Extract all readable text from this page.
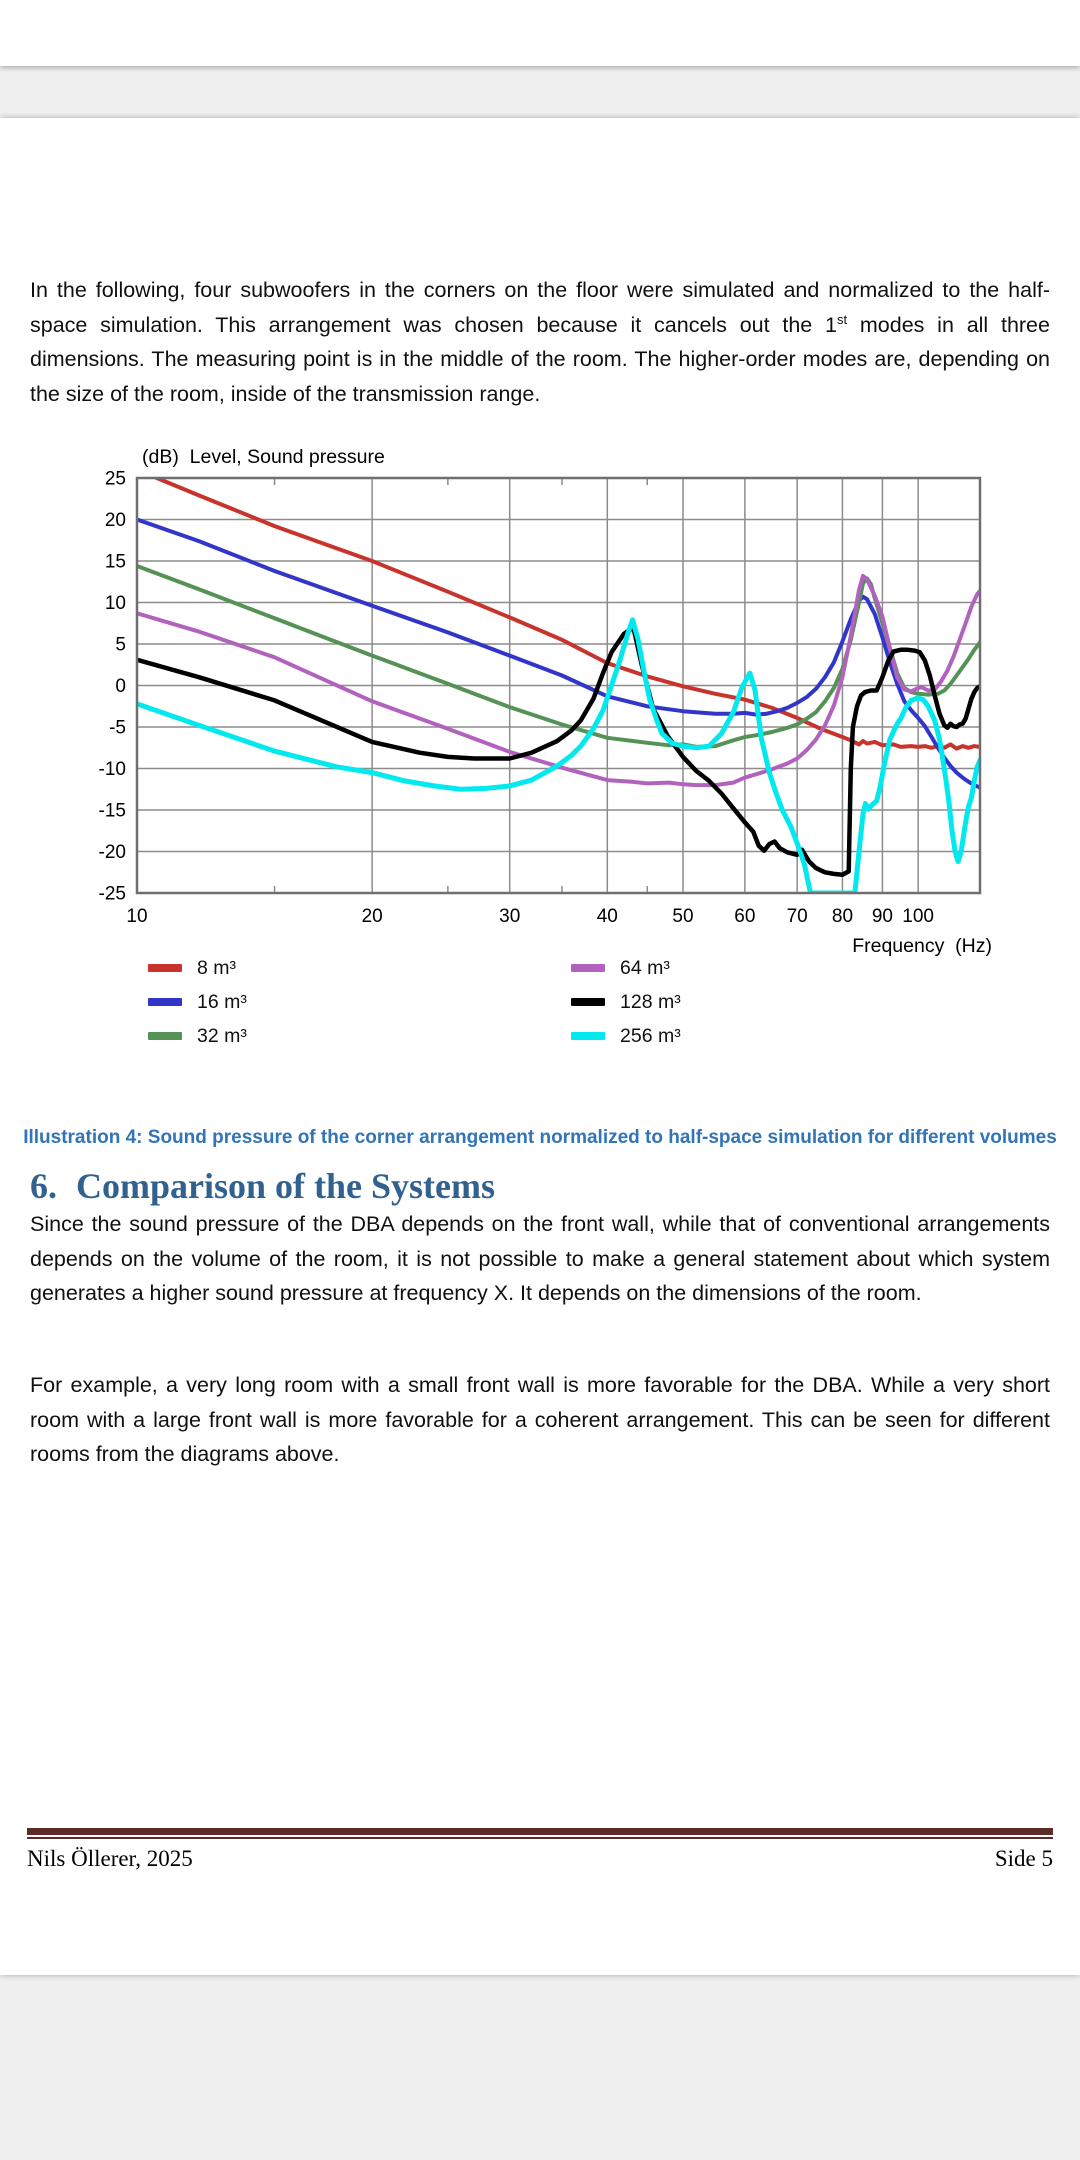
In the following, four subwoofers in the corners on the floor were simulated and normalized to the half-space simulation. This arrangement was chosen because it cancels out the 1st modes in all three dimensions. The measuring point is in the middle of the room. The higher-order modes are, depending on the size of the room, inside of the transmission range.

25
20
15
10
5
0
-5
-10
-15
-20
-25
10	20	30	40	50 60 70 80 90 100
(dB)  Level, Sound pressure
Frequency  (Hz)
8 m³
16 m³
32 m³
64 m³
128 m³
256 m³
Illustration 4: Sound pressure of the corner arrangement normalized to half-space simulation for different volumes
6. Comparison of the Systems

Since the sound pressure of the DBA depends on the front wall, while that of conventional arrangements depends on the volume of the room, it is not possible to make a general statement about which system generates a higher sound pressure at frequency X. It depends on the dimensions of the room.

For example, a very long room with a small front wall is more favorable for the DBA. While a very short room with a large front wall is more favorable for a coherent arrangement. This can be seen for different rooms from the diagrams above.

Side 5
Nils Öllerer, 2025
